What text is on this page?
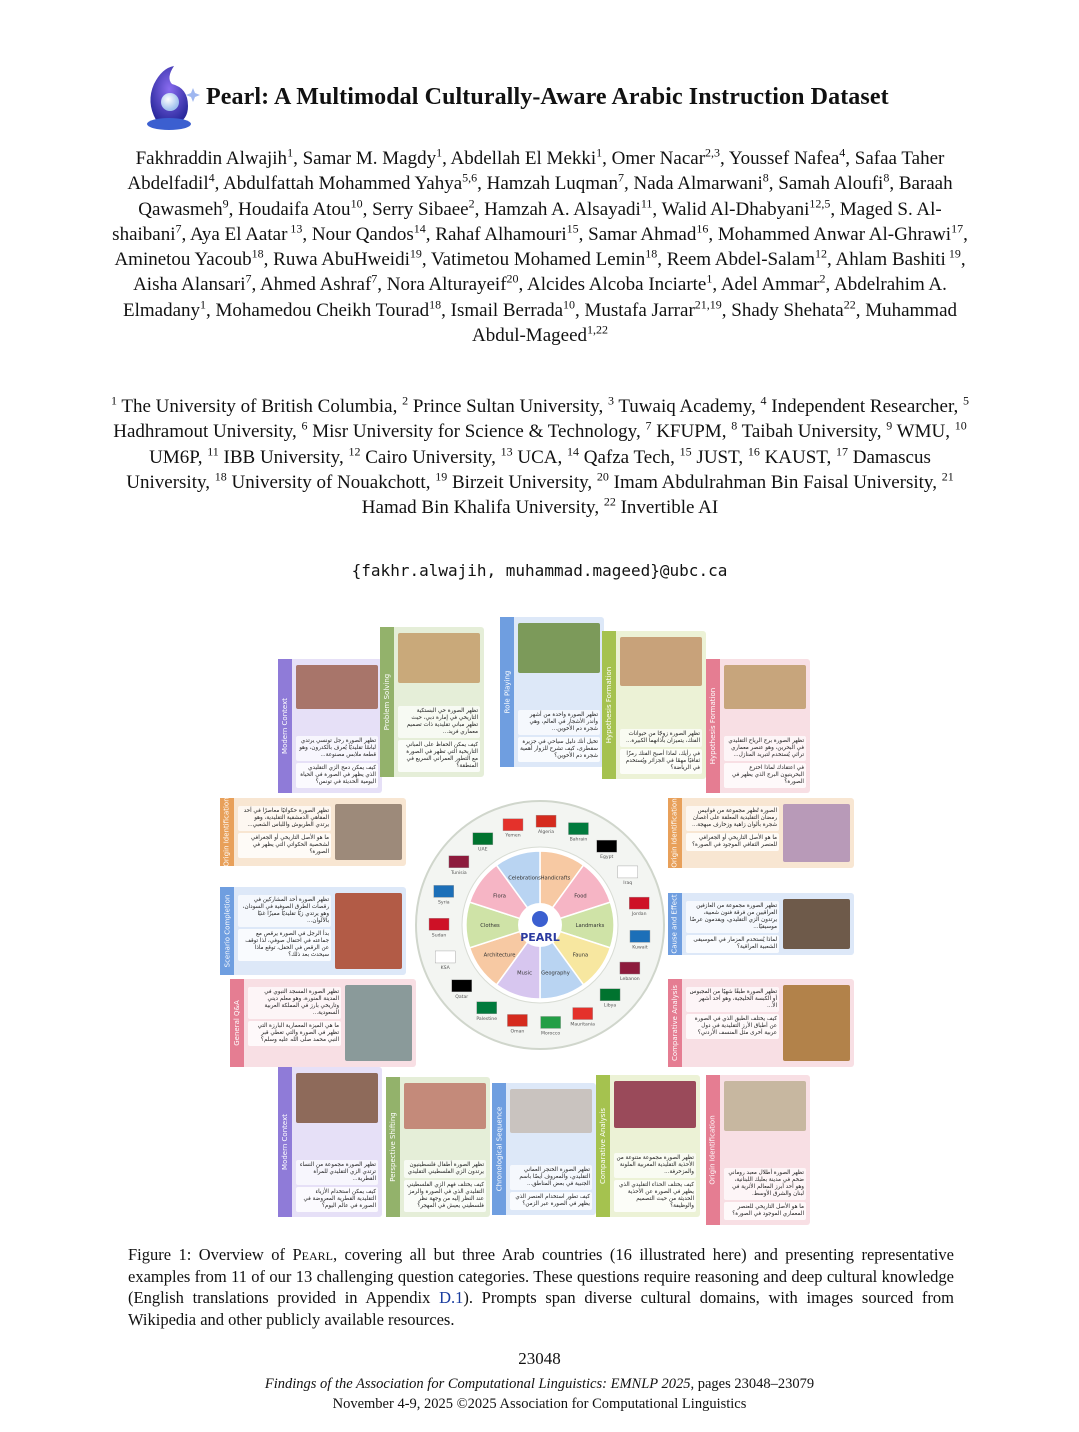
Pearl: A Multimodal Culturally-Aware Arabic Instruction Dataset
Fakhraddin Alwajih$^1$, Samar M. Magdy$^1$, Abdellah El Mekki$^1$, Omer Nacar$^{2,3}$, Youssef Nafea$^4$, Safaa Taher Abdelfadil$^4$, Abdulfattah Mohammed Yahya$^{5,6}$, Hamzah Luqman$^7$, Nada Almarwani$^8$, Samah Aloufi$^8$, Baraah Qawasmeh$^9$, Houdaifa Atou$^{10}$, Serry Sibaee$^2$, Hamzah A. Alsayadi$^{11}$, Walid Al-Dhabyani$^{12,5}$, Maged S. Al-shaibani$^7$, Aya El Aatar $^{13}$, Nour Qandos$^{14}$, Rahaf Alhamouri$^{15}$, Samar Ahmad$^{16}$, Mohammed Anwar Al-Ghrawi$^{17}$, Aminetou Yacoub$^{18}$, Ruwa AbuHweidi$^{19}$, Vatimetou Mohamed Lemin$^{18}$, Reem Abdel-Salam$^{12}$, Ahlam Bashiti $^{19}$, Aisha Alansari$^7$, Ahmed Ashraf$^7$, Nora Alturayeif$^{20}$, Alcides Alcoba Inciarte$^1$, Adel Ammar$^2$, Abdelrahim A. Elmadany$^1$, Mohamedou Cheikh Tourad$^{18}$, Ismail Berrada$^{10}$, Mustafa Jarrar$^{21,19}$, Shady Shehata$^{22}$, Muhammad Abdul-Mageed$^{1,22}$
$^1$ The University of British Columbia, $^2$ Prince Sultan University, $^3$ Tuwaiq Academy, $^4$ Independent Researcher, $^5$ Hadhramout University, $^6$ Misr University for Science & Technology, $^7$ KFUPM, $^8$ Taibah University, $^9$ WMU, $^{10}$ UM6P, $^{11}$ IBB University, $^{12}$ Cairo University, $^{13}$ UCA, $^{14}$ Qafza Tech, $^{15}$ JUST, $^{16}$ KAUST, $^{17}$ Damascus University, $^{18}$ University of Nouakchott, $^{19}$ Birzeit University, $^{20}$ Imam Abdulrahman Bin Faisal University, $^{21}$ Hamad Bin Khalifa University, $^{22}$ Invertible AI
{fakhr.alwajih, muhammad.mageed}@ubc.ca
Handicrafts
Food
Landmarks
Fauna
Geography
Music
Architecture
Clothes
Flora
Celebrations
PEARL
Algeria
Bahrain
Egypt
Iraq
Jordan
Kuwait
Lebanon
Libya
Mauritania
Morocco
Oman
Palestine
Qatar
KSA
Sudan
Syria
Tunisia
UAE
Yemen
Modern Context	تظهر الصورة رجل تونسي يرتدي لباسًا تقليديًا يُعرف بالكدرون، وهو قطعة ملابس مصنوعة...
كيف يمكن دمج الزي التقليدي الذي يظهر في الصورة في الحياة اليومية الحديثة في تونس؟
Problem Solving	تظهر الصورة حي البستكية التاريخي في إمارة دبي، حيث تظهر مباني تقليدية ذات تصميم معماري فريد...
كيف يمكن الحفاظ على المباني التاريخية التي تظهر في الصورة مع التطور العمراني السريع في المنطقة؟
Role Playing
تظهر الصورة واحدة من أشهر وأندر الأشجار في العالم، وهي شجرة دم الأخوين...
تخيل أنك دليل سياحي في جزيرة سقطرى، كيف تشرح للزوار أهمية شجرة دم الأخوين؟
Hypothesis Formation	تظهر الصورة زوجًا من حيوانات الفنك، يتميزان بآذانهما الكبيرة...
في رأيك، لماذا أصبح الفنك رمزًا ثقافيًا مهمًا في الجزائر ويُستخدم في الرياضة؟
Hypothesis Formation	تظهر الصورة برج الرياح التقليدي في البحرين، وهو عنصر معماري تراثي يُستخدم لتبريد المنازل...
في اعتقادك لماذا اخترع البحرينيون البرج الذي يظهر في الصورة؟
Origin Identification	تظهر الصورة حكواتيًا معاصرًا في أحد المقاهي الدمشقية التقليدية، وهو يرتدي الطربوش واللباس الشعبي...
ما هو الأصل التاريخي أو الجغرافي لشخصية الحكواتي التي يظهر في الصورة؟	Origin Identification	الصورة تُظهر مجموعة من فوانيس رمضان التقليدية المعلقة على أغصان شجرة بألوان زاهية وزخارف مبهجة...
ما هو الأصل التاريخي أو الجغرافي للعنصر الثقافي الموجود في الصورة؟
Scenario Completion	تظهر الصورة أحد المشاركين في رقصات الطرق الصوفية في السودان، وهو يرتدي زيًا تقليديًا مميزًا غنيًا بالألوان...
بدأ الرجل في الصورة يرقص مع جماعته في احتفال صوفي، لذا توقف عن الرقص في الحفل، توقع ماذا سيحدث بعد ذلك؟
Cause and Effect	تظهر الصورة مجموعة من العازفين العراقيين من فرقة فنون شعبية، يرتدون الزي التقليدي، ويقدمون عرضًا موسيقيًا...
لماذا يُستخدم المزمار في الموسيقى الشعبية العراقية؟
General Q&A
تظهر الصورة المسجد النبوي في المدينة المنورة، وهو معلم ديني وتاريخي بارز في المملكة العربية السعودية...
ما هي الميزة المعمارية البارزة التي تظهر في الصورة والتي تغطي قبر النبي محمد صلى الله عليه وسلم؟	Comparative Analysis	تظهر الصورة طبقًا شهيًا من المجبوس أو الكبسة الخليجية، وهو أحد أشهر الأ...
كيف يختلف الطبق الذي في الصورة عن أطباق الأرز التقليدية في دول عربية أخرى مثل المنسف الأردني؟
Modern Context	تظهر الصورة مجموعة من النساء ترتدي الزي التقليدي للمرأة القطرية...
كيف يمكن استخدام الأزياء التقليدية القطرية المعروضة في الصورة في عالم اليوم؟
Perspective Shifting	تظهر الصورة أطفال فلسطينيون يرتدون الزي الفلسطيني التقليدي
كيف يختلف فهم الزي الفلسطيني التقليدي الذي في الصورة والرمز عند النظر إليه من وجهة نظر فلسطيني يعيش في المهجر؟
Chronological Sequence	تظهر الصورة الخنجر العماني التقليدي، والمعروف أيضًا باسم الجنبية في بعض المناطق...
كيف تطور استخدام العنصر الذي يظهر في الصورة عبر الزمن؟
Comparative Analysis	تظهر الصورة مجموعة متنوعة من الأحذية التقليدية المغربية الملونة والمزخرفة...
كيف يختلف الحذاء التقليدي الذي يظهر في الصورة عن الأحذية الحديثة من حيث التصميم والوظيفة؟
Origin Identification	تظهر الصورة أطلال معبد روماني ضخم في مدينة بعلبك اللبنانية، وهو أحد أبرز المعالم الأثرية في لبنان والشرق الأوسط.
ما هو الأصل التاريخي للعنصر المعماري الموجود في الصورة؟
Figure 1: Overview of Pearl, covering all but three Arab countries (16 illustrated here) and presenting representative examples from 11 of our 13 challenging question categories. These questions require reasoning and deep cultural knowledge (English translations provided in Appendix D.1). Prompts span diverse cultural domains, with images sourced from Wikipedia and other publicly available resources.
23048
Findings of the Association for Computational Linguistics: EMNLP 2025, pages 23048–23079
November 4-9, 2025 ©2025 Association for Computational Linguistics
